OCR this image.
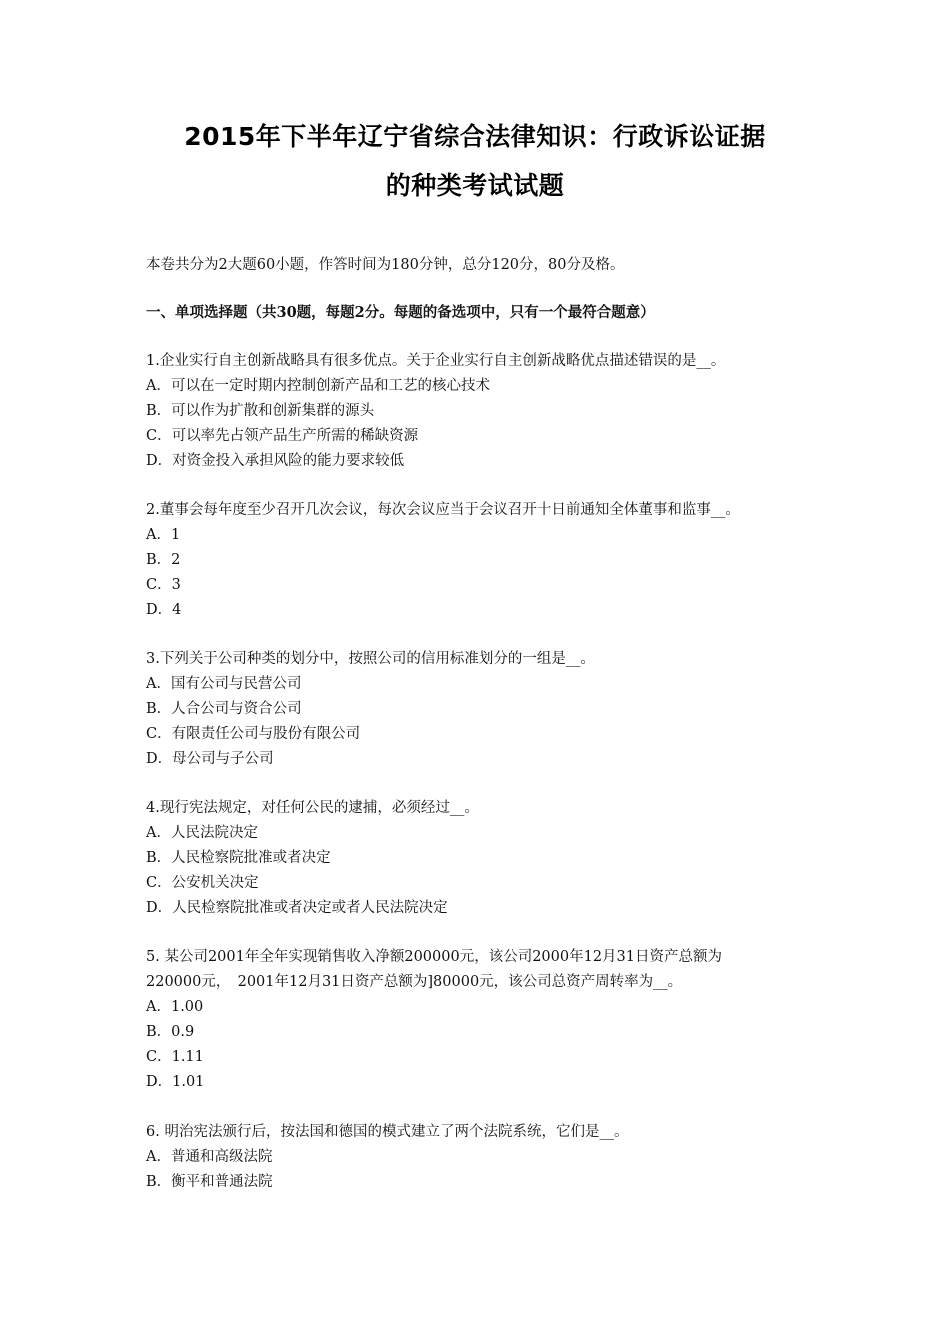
2015年下半年辽宁省综合法律知识：行政诉讼证据
的种类考试试题
本卷共分为2大题60小题，作答时间为180分钟，总分120分，80分及格。
一、单项选择题（共30题，每题2分。每题的备选项中，只有一个最符合题意）
1.企业实行自主创新战略具有很多优点。关于企业实行自主创新战略优点描述错误的是__。
A．可以在一定时期内控制创新产品和工艺的核心技术
B．可以作为扩散和创新集群的源头
C．可以率先占领产品生产所需的稀缺资源
D．对资金投入承担风险的能力要求较低
2.董事会每年度至少召开几次会议，每次会议应当于会议召开十日前通知全体董事和监事__。
A．1
B．2
C．3
D．4
3.下列关于公司种类的划分中，按照公司的信用标准划分的一组是__。
A．国有公司与民营公司
B．人合公司与资合公司
C．有限责任公司与股份有限公司
D．母公司与子公司
4.现行宪法规定，对任何公民的逮捕，必须经过__。
A．人民法院决定
B．人民检察院批准或者决定
C．公安机关决定
D．人民检察院批准或者决定或者人民法院决定
5. 某公司2001年全年实现销售收入净额200000元，该公司2000年12月31日资产总额为
220000元，　2001年12月31日资产总额为]80000元，该公司总资产周转率为__。
A．1.00
B．0.9
C．1.11
D．1.01
6. 明治宪法颁行后，按法国和德国的模式建立了两个法院系统，它们是__。
A．普通和高级法院
B．衡平和普通法院
